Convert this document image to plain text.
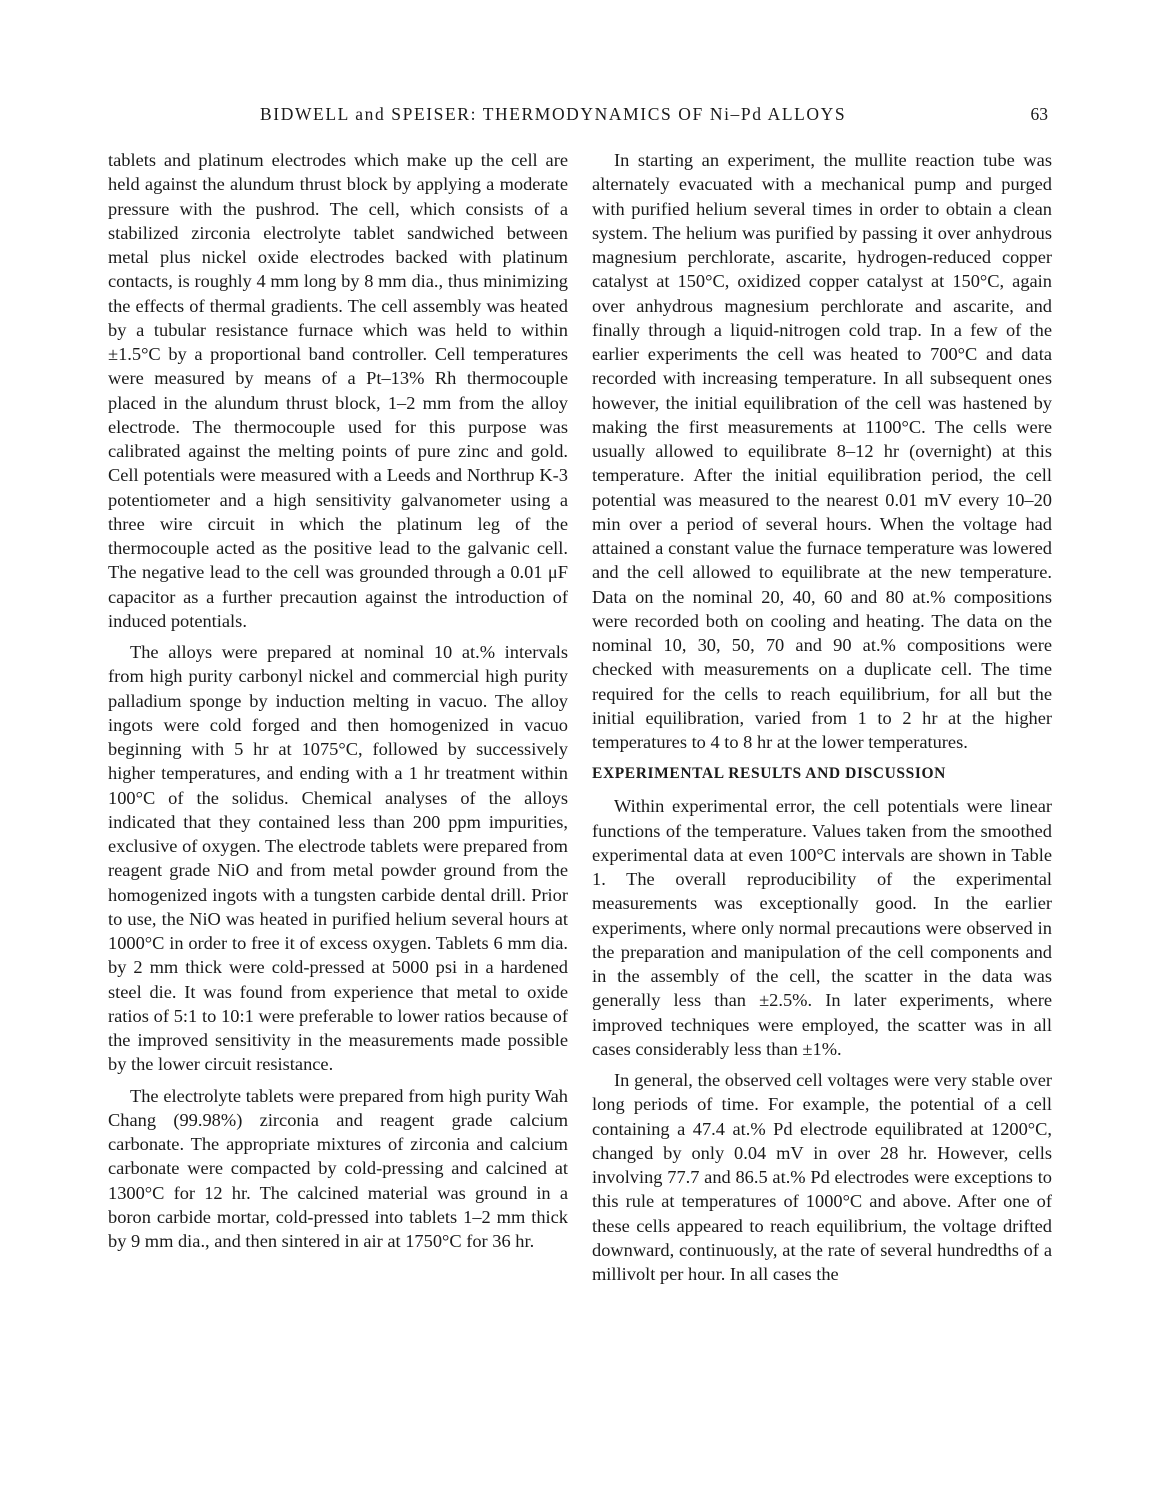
BIDWELL and SPEISER: THERMODYNAMICS OF Ni–Pd ALLOYS	63

tablets and platinum electrodes which make up the cell are held against the alundum thrust block by applying a moderate pressure with the pushrod. The cell, which consists of a stabilized zirconia electrolyte tablet sandwiched between metal plus nickel oxide electrodes backed with platinum contacts, is roughly 4 mm long by 8 mm dia., thus minimizing the effects of thermal gradients. The cell assembly was heated by a tubular resistance furnace which was held to within ±1.5°C by a proportional band controller. Cell temperatures were measured by means of a Pt–13% Rh thermocouple placed in the alundum thrust block, 1–2 mm from the alloy electrode. The thermocouple used for this purpose was calibrated against the melting points of pure zinc and gold. Cell potentials were measured with a Leeds and Northrup K-3 potentiometer and a high sensitivity galvanometer using a three wire circuit in which the platinum leg of the thermocouple acted as the positive lead to the galvanic cell. The negative lead to the cell was grounded through a 0.01 μF capacitor as a further precaution against the introduction of induced potentials.

The alloys were prepared at nominal 10 at.% intervals from high purity carbonyl nickel and commercial high purity palladium sponge by induction melting in vacuo. The alloy ingots were cold forged and then homogenized in vacuo beginning with 5 hr at 1075°C, followed by successively higher temperatures, and ending with a 1 hr treatment within 100°C of the solidus. Chemical analyses of the alloys indicated that they contained less than 200 ppm impurities, exclusive of oxygen. The electrode tablets were prepared from reagent grade NiO and from metal powder ground from the homogenized ingots with a tungsten carbide dental drill. Prior to use, the NiO was heated in purified helium several hours at 1000°C in order to free it of excess oxygen. Tablets 6 mm dia. by 2 mm thick were cold-pressed at 5000 psi in a hardened steel die. It was found from experience that metal to oxide ratios of 5:1 to 10:1 were preferable to lower ratios because of the improved sensitivity in the measurements made possible by the lower circuit resistance.

The electrolyte tablets were prepared from high purity Wah Chang (99.98%) zirconia and reagent grade calcium carbonate. The appropriate mixtures of zirconia and calcium carbonate were compacted by cold-pressing and calcined at 1300°C for 12 hr. The calcined material was ground in a boron carbide mortar, cold-pressed into tablets 1–2 mm thick by 9 mm dia., and then sintered in air at 1750°C for 36 hr.

In starting an experiment, the mullite reaction tube was alternately evacuated with a mechanical pump and purged with purified helium several times in order to obtain a clean system. The helium was purified by passing it over anhydrous magnesium perchlorate, ascarite, hydrogen-reduced copper catalyst at 150°C, oxidized copper catalyst at 150°C, again over anhydrous magnesium perchlorate and ascarite, and finally through a liquid-nitrogen cold trap. In a few of the earlier experiments the cell was heated to 700°C and data recorded with increasing temperature. In all subsequent ones however, the initial equilibration of the cell was hastened by making the first measurements at 1100°C. The cells were usually allowed to equilibrate 8–12 hr (overnight) at this temperature. After the initial equilibration period, the cell potential was measured to the nearest 0.01 mV every 10–20 min over a period of several hours. When the voltage had attained a constant value the furnace temperature was lowered and the cell allowed to equilibrate at the new temperature. Data on the nominal 20, 40, 60 and 80 at.% compositions were recorded both on cooling and heating. The data on the nominal 10, 30, 50, 70 and 90 at.% compositions were checked with measurements on a duplicate cell. The time required for the cells to reach equilibrium, for all but the initial equilibration, varied from 1 to 2 hr at the higher temperatures to 4 to 8 hr at the lower temperatures.

EXPERIMENTAL RESULTS AND DISCUSSION

Within experimental error, the cell potentials were linear functions of the temperature. Values taken from the smoothed experimental data at even 100°C intervals are shown in Table 1. The overall reproducibility of the experimental measurements was exceptionally good. In the earlier experiments, where only normal precautions were observed in the preparation and manipulation of the cell components and in the assembly of the cell, the scatter in the data was generally less than ±2.5%. In later experiments, where improved techniques were employed, the scatter was in all cases considerably less than ±1%.

In general, the observed cell voltages were very stable over long periods of time. For example, the potential of a cell containing a 47.4 at.% Pd electrode equilibrated at 1200°C, changed by only 0.04 mV in over 28 hr. However, cells involving 77.7 and 86.5 at.% Pd electrodes were exceptions to this rule at temperatures of 1000°C and above. After one of these cells appeared to reach equilibrium, the voltage drifted downward, continuously, at the rate of several hundredths of a millivolt per hour. In all cases the
